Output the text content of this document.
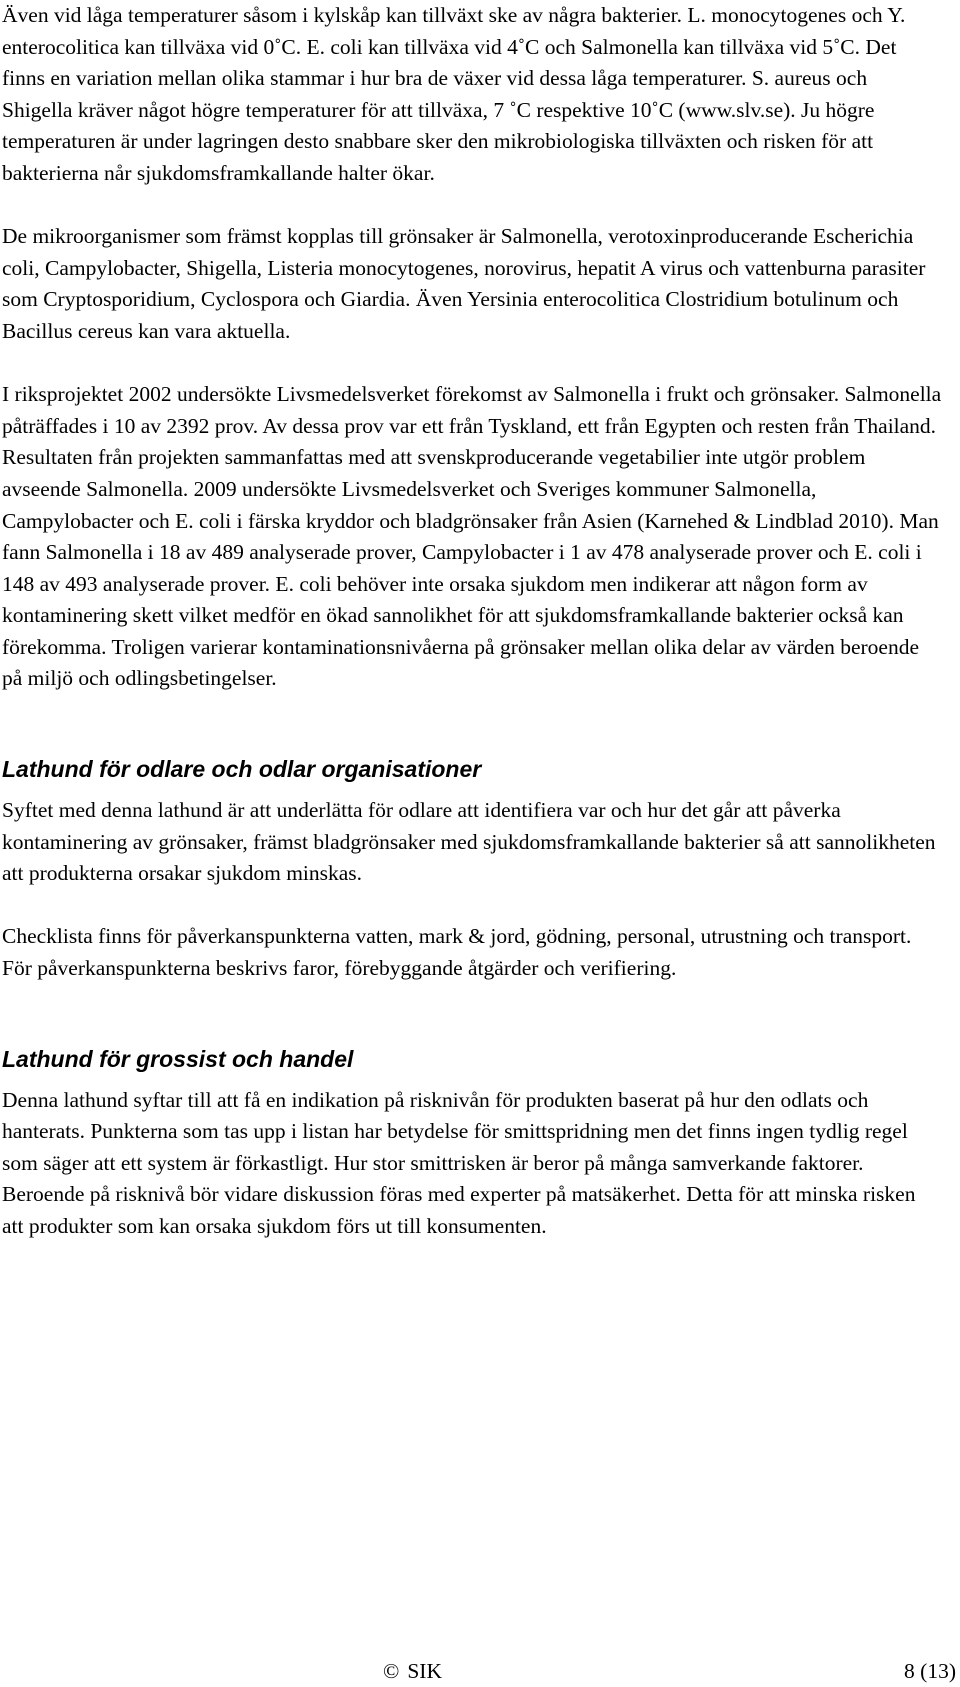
Även vid låga temperaturer såsom i kylskåp kan tillväxt ske av några bakterier. L. monocytogenes och Y. enterocolitica kan tillväxa vid 0˚C. E. coli kan tillväxa vid 4˚C och Salmonella kan tillväxa vid 5˚C. Det finns en variation mellan olika stammar i hur bra de växer vid dessa låga temperaturer. S. aureus och Shigella kräver något högre temperaturer för att tillväxa, 7 ˚C respektive 10˚C (www.slv.se). Ju högre temperaturen är under lagringen desto snabbare sker den mikrobiologiska tillväxten och risken för att bakterierna når sjukdomsframkallande halter ökar.

De mikroorganismer som främst kopplas till grönsaker är Salmonella, verotoxinproducerande Escherichia coli, Campylobacter, Shigella, Listeria monocytogenes, norovirus, hepatit A virus och vattenburna parasiter som Cryptosporidium, Cyclospora och Giardia. Även Yersinia enterocolitica Clostridium botulinum och Bacillus cereus kan vara aktuella.

I riksprojektet 2002 undersökte Livsmedelsverket förekomst av Salmonella i frukt och grönsaker. Salmonella påträffades i 10 av 2392 prov. Av dessa prov var ett från Tyskland, ett från Egypten och resten från Thailand. Resultaten från projekten sammanfattas med att svenskproducerande vegetabilier inte utgör problem avseende Salmonella. 2009 undersökte Livsmedelsverket och Sveriges kommuner Salmonella, Campylobacter och E. coli i färska kryddor och bladgrönsaker från Asien (Karnehed & Lindblad 2010). Man fann Salmonella i 18 av 489 analyserade prover, Campylobacter i 1 av 478 analyserade prover och E. coli i 148 av 493 analyserade prover. E. coli behöver inte orsaka sjukdom men indikerar att någon form av kontaminering skett vilket medför en ökad sannolikhet för att sjukdomsframkallande bakterier också kan förekomma. Troligen varierar kontaminationsnivåerna på grönsaker mellan olika delar av värden beroende på miljö och odlingsbetingelser.

Lathund för odlare och odlar organisationer

Syftet med denna lathund är att underlätta för odlare att identifiera var och hur det går att påverka kontaminering av grönsaker, främst bladgrönsaker med sjukdomsframkallande bakterier så att sannolikheten att produkterna orsakar sjukdom minskas.

Checklista finns för påverkanspunkterna vatten, mark & jord, gödning, personal, utrustning och transport. För påverkanspunkterna beskrivs faror, förebyggande åtgärder och verifiering.

Lathund för grossist och handel

Denna lathund syftar till att få en indikation på risknivån för produkten baserat på hur den odlats och hanterats. Punkterna som tas upp i listan har betydelse för smittspridning men det finns ingen tydlig regel som säger att ett system är förkastligt. Hur stor smittrisken är beror på många samverkande faktorer. Beroende på risknivå bör vidare diskussion föras med experter på matsäkerhet. Detta för att minska risken att produkter som kan orsaka sjukdom förs ut till konsumenten.

© SIK	8 (13)
